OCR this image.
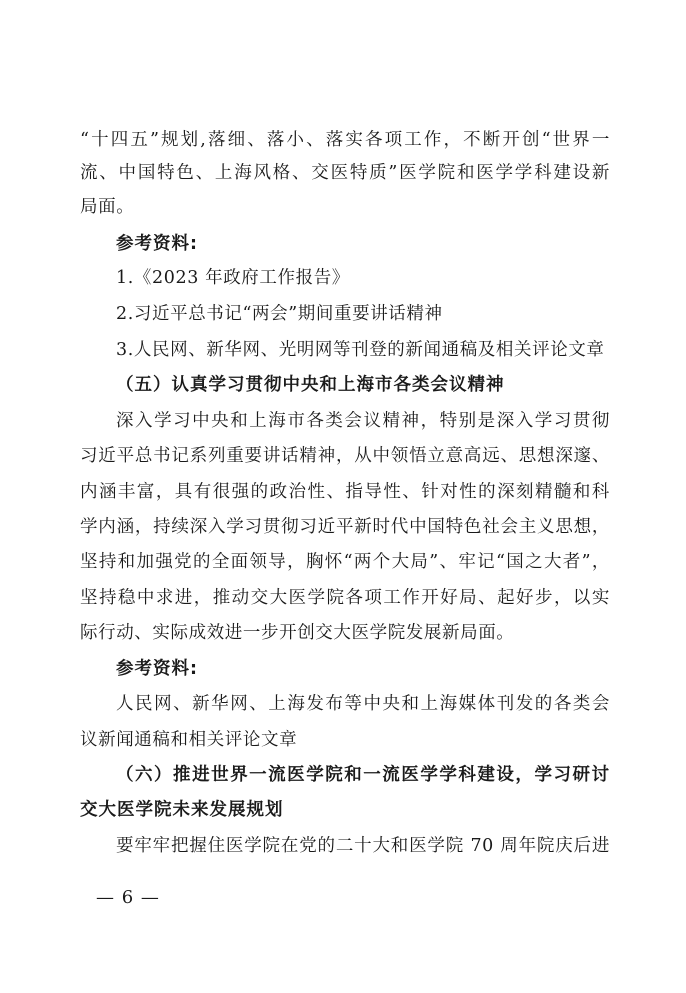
“十四五”规划,落细、落小、落实各项工作，不断开创“世界一
流、中国特色、上海风格、交医特质”医学院和医学学科建设新
局面。
参考资料:
1.《2023 年政府工作报告》
2.习近平总书记“两会”期间重要讲话精神
3.人民网、新华网、光明网等刊登的新闻通稿及相关评论文章
（五）认真学习贯彻中央和上海市各类会议精神
深入学习中央和上海市各类会议精神，特别是深入学习贯彻
习近平总书记系列重要讲话精神，从中领悟立意高远、思想深邃、
内涵丰富，具有很强的政治性、指导性、针对性的深刻精髓和科
学内涵，持续深入学习贯彻习近平新时代中国特色社会主义思想，
坚持和加强党的全面领导，胸怀“两个大局”、牢记“国之大者”，
坚持稳中求进，推动交大医学院各项工作开好局、起好步，以实
际行动、实际成效进一步开创交大医学院发展新局面。
参考资料:
人民网、新华网、上海发布等中央和上海媒体刊发的各类会
议新闻通稿和相关评论文章
（六）推进世界一流医学院和一流医学学科建设，学习研讨
交大医学院未来发展规划
要牢牢把握住医学院在党的二十大和医学院 70 周年院庆后进
— 6 —
